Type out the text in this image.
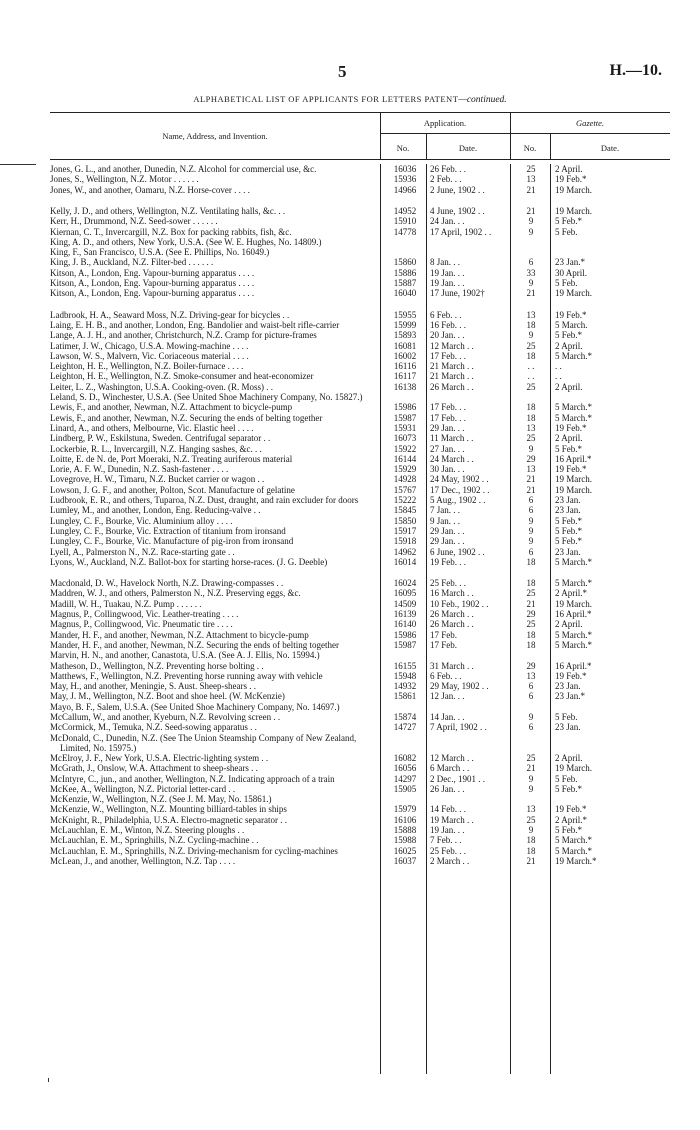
5	H.—10.
ALPHABETICAL LIST OF APPLICANTS FOR LETTERS PATENT—continued.
Name, Address, and Invention.
Application.	Gazette.
No.	Date.	No.	Date.
Jones, G. L., and another, Dunedin, N.Z. Alcohol for commercial use, &c.	16036	26 Feb. . .	25	2 April.
Jones, S., Wellington, N.Z. Motor . . . . . .	15936	2 Feb. . .	13	19 Feb.*
Jones, W., and another, Oamaru, N.Z. Horse-cover . . . .	14966	2 June, 1902 . .	21	19 March.
Kelly, J. D., and others, Wellington, N.Z. Ventilating halls, &c. . .	14952	4 June, 1902 . .	21	19 March.
Kerr, H., Drummond, N.Z. Seed-sower . . . . . .	15910	24 Jan. . .	9	5 Feb.*
Kiernan, C. T., Invercargill, N.Z. Box for packing rabbits, fish, &c.	14778	17 April, 1902 . .	9	5 Feb.
King, A. D., and others, New York, U.S.A. (See W. E. Hughes, No. 14809.)
King, F., San Francisco, U.S.A. (See E. Phillips, No. 16049.)
King, J. B., Auckland, N.Z. Filter-bed . . . . . .	15860	8 Jan. . .	6	23 Jan.*
Kitson, A., London, Eng. Vapour-burning apparatus . . . .	15886	19 Jan. . .	33	30 April.
Kitson, A., London, Eng. Vapour-burning apparatus . . . .	15887	19 Jan. . .	9	5 Feb.
Kitson, A., London, Eng. Vapour-burning apparatus . . . .	16040	17 June, 1902†	21	19 March.
Ladbrook, H. A., Seaward Moss, N.Z. Driving-gear for bicycles . .	15955	6 Feb. . .	13	19 Feb.*
Laing, E. H. B., and another, London, Eng. Bandolier and waist-belt rifle-carrier	15999	16 Feb. . .	18	5 March.
Lange, A. J. H., and another, Christchurch, N.Z. Cramp for picture-frames	15893	20 Jan. . .	9	5 Feb.*
Latimer, J. W., Chicago, U.S.A. Mowing-machine . . . .	16081	12 March . .	25	2 April.
Lawson, W. S., Malvern, Vic. Coriaceous material . . . .	16002	17 Feb. . .	18	5 March.*
Leighton, H. E., Wellington, N.Z. Boiler-furnace . . . .	16116	21 March . .	. .	. .
Leighton, H. E., Wellington, N.Z. Smoke-consumer and heat-economizer	16117	21 March . .	. .	. .
Leiter, L. Z., Washington, U.S.A. Cooking-oven. (R. Moss) . .	16138	26 March . .	25	2 April.
Leland, S. D., Winchester, U.S.A. (See United Shoe Machinery Company, No. 15827.)
Lewis, F., and another, Newman, N.Z. Attachment to bicycle-pump	15986	17 Feb. . .	18	5 March.*
Lewis, F., and another, Newman, N.Z. Securing the ends of belting together	15987	17 Feb. . .	18	5 March.*
Linard, A., and others, Melbourne, Vic. Elastic heel . . . .	15931	29 Jan. . .	13	19 Feb.*
Lindberg, P. W., Eskilstuna, Sweden. Centrifugal separator . .	16073	11 March . .	25	2 April.
Lockerbie, R. L., Invercargill, N.Z. Hanging sashes, &c. . .	15922	27 Jan. . .	9	5 Feb.*
Loitte, E. de N. de, Port Moeraki, N.Z. Treating auriferous material	16144	24 March . .	29	16 April.*
Lorie, A. F. W., Dunedin, N.Z. Sash-fastener . . . .	15929	30 Jan. . .	13	19 Feb.*
Lovegrove, H. W., Timaru, N.Z. Bucket carrier or wagon . .	14928	24 May, 1902 . .	21	19 March.
Lowson, J. G. F., and another, Polton, Scot. Manufacture of gelatine	15767	17 Dec., 1902 . .	21	19 March.
Ludbrook, E. R., and others, Tuparoa, N.Z. Dust, draught, and rain excluder for doors	15222	5 Aug., 1902 . .	6	23 Jan.
Lumley, M., and another, London, Eng. Reducing-valve . .	15845	7 Jan. . .	6	23 Jan.
Lungley, C. F., Bourke, Vic. Aluminium alloy . . . .	15850	9 Jan. . .	9	5 Feb.*
Lungley, C. F., Bourke, Vic. Extraction of titanium from ironsand	15917	29 Jan. . .	9	5 Feb.*
Lungley, C. F., Bourke, Vic. Manufacture of pig-iron from ironsand	15918	29 Jan. . .	9	5 Feb.*
Lyell, A., Palmerston N., N.Z. Race-starting gate . .	14962	6 June, 1902 . .	6	23 Jan.
Lyons, W., Auckland, N.Z. Ballot-box for starting horse-races. (J. G. Deeble)	16014	19 Feb. . .	18	5 March.*
Macdonald, D. W., Havelock North, N.Z. Drawing-compasses . .	16024	25 Feb. . .	18	5 March.*
Maddren, W. J., and others, Palmerston N., N.Z. Preserving eggs, &c.	16095	16 March . .	25	2 April.*
Madill, W. H., Tuakau, N.Z. Pump . . . . . .	14509	10 Feb., 1902 . .	21	19 March.
Magnus, P., Collingwood, Vic. Leather-treating . . . .	16139	26 March . .	29	16 April.*
Magnus, P., Collingwood, Vic. Pneumatic tire . . . .	16140	26 March . .	25	2 April.
Mander, H. F., and another, Newman, N.Z. Attachment to bicycle-pump	15986	17 Feb.	18	5 March.*
Mander, H. F., and another, Newman, N.Z. Securing the ends of belting together	15987	17 Feb.	18	5 March.*
Marvin, H. N., and another, Canastota, U.S.A. (See A. J. Ellis, No. 15994.)
Matheson, D., Wellington, N.Z. Preventing horse bolting . .	16155	31 March . .	29	16 April.*
Matthews, F., Wellington, N.Z. Preventing horse running away with vehicle	15948	6 Feb. . .	13	19 Feb.*
May, H., and another, Meningie, S. Aust. Sheep-shears . .	14932	29 May, 1902 . .	6	23 Jan.
May, J. M., Wellington, N.Z. Boot and shoe heel. (W. McKenzie)	15861	12 Jan. . .	6	23 Jan.*
Mayo, B. F., Salem, U.S.A. (See United Shoe Machinery Company, No. 14697.)
McCallum, W., and another, Kyeburn, N.Z. Revolving screen . .	15874	14 Jan. . .	9	5 Feb.
McCormick, M., Temuka, N.Z. Seed-sowing apparatus . .	14727	7 April, 1902 . .	6	23 Jan.
McDonald, C., Dunedin, N.Z. (See The Union Steamship Company of New Zealand, Limited, No. 15975.)
McElroy, J. F., New York, U.S.A. Electric-lighting system . .	16082	12 March . .	25	2 April.
McGrath, J., Onslow, W.A. Attachment to sheep-shears . .	16056	6 March . .	21	19 March.
McIntyre, C., jun., and another, Wellington, N.Z. Indicating approach of a train	14297	2 Dec., 1901 . .	9	5 Feb.
McKee, A., Wellington, N.Z. Pictorial letter-card . .	15905	26 Jan. . .	9	5 Feb.*
McKenzie, W., Wellington, N.Z. (See J. M. May, No. 15861.)
McKenzie, W., Wellington, N.Z. Mounting billiard-tables in ships	15979	14 Feb. . .	13	19 Feb.*
McKnight, R., Philadelphia, U.S.A. Electro-magnetic separator . .	16106	19 March . .	25	2 April.*
McLauchlan, E. M., Winton, N.Z. Steering ploughs . .	15888	19 Jan. . .	9	5 Feb.*
McLauchlan, E. M., Springhills, N.Z. Cycling-machine . .	15988	7 Feb. . .	18	5 March.*
McLauchlan, E. M., Springhills, N.Z. Driving-mechanism for cycling-machines	16025	25 Feb. . .	18	5 March.*
McLean, J., and another, Wellington, N.Z. Tap . . . .	16037	2 March . .	21	19 March.*
